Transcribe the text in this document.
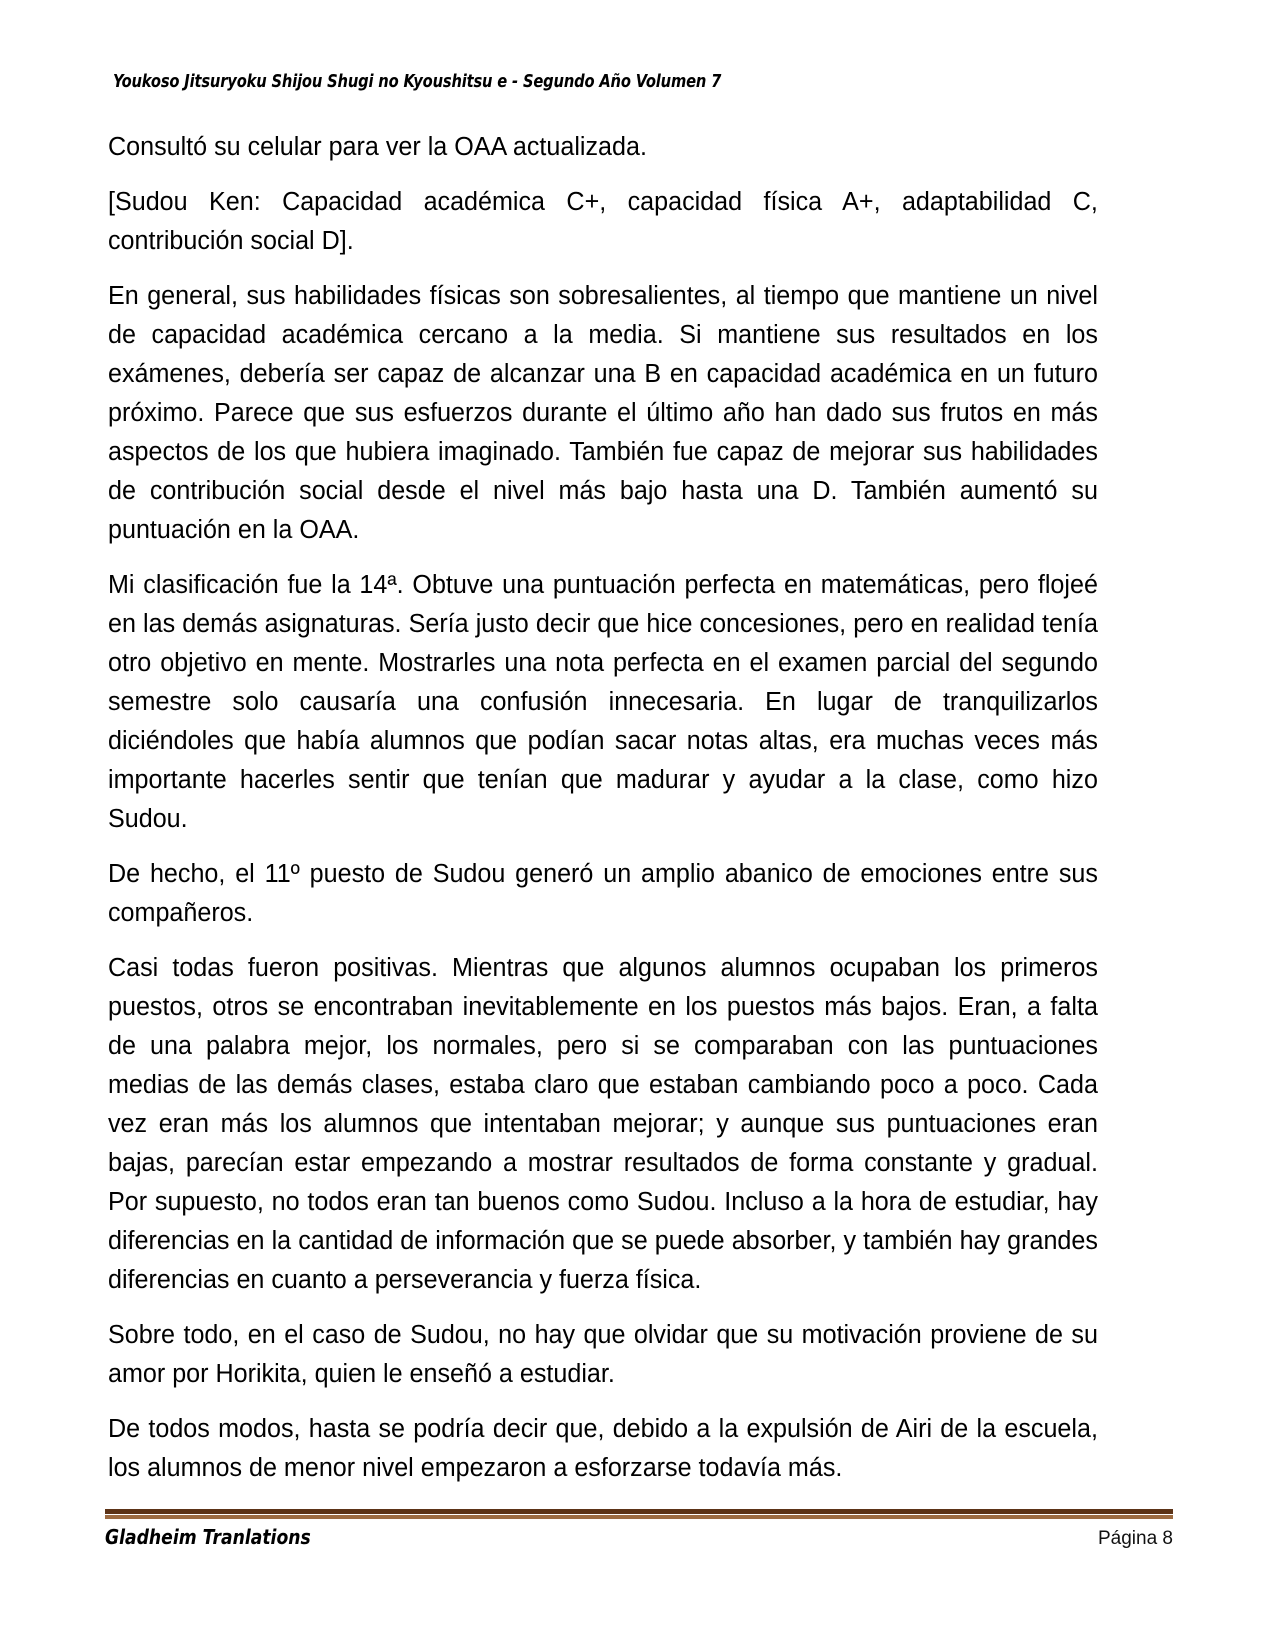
Youkoso Jitsuryoku Shijou Shugi no Kyoushitsu e - Segundo Año Volumen 7

Consultó su celular para ver la OAA actualizada.

[Sudou Ken: Capacidad académica C+, capacidad física A+, adaptabilidad C, contribución social D].

En general, sus habilidades físicas son sobresalientes, al tiempo que mantiene un nivel de capacidad académica cercano a la media. Si mantiene sus resultados en los exámenes, debería ser capaz de alcanzar una B en capacidad académica en un futuro próximo. Parece que sus esfuerzos durante el último año han dado sus frutos en más aspectos de los que hubiera imaginado. También fue capaz de mejorar sus habilidades de contribución social desde el nivel más bajo hasta una D. También aumentó su puntuación en la OAA.

Mi clasificación fue la 14ª. Obtuve una puntuación perfecta en matemáticas, pero flojeé en las demás asignaturas. Sería justo decir que hice concesiones, pero en realidad tenía otro objetivo en mente. Mostrarles una nota perfecta en el examen parcial del segundo semestre solo causaría una confusión innecesaria. En lugar de tranquilizarlos diciéndoles que había alumnos que podían sacar notas altas, era muchas veces más importante hacerles sentir que tenían que madurar y ayudar a la clase, como hizo Sudou.

De hecho, el 11º puesto de Sudou generó un amplio abanico de emociones entre sus compañeros.

Casi todas fueron positivas. Mientras que algunos alumnos ocupaban los primeros puestos, otros se encontraban inevitablemente en los puestos más bajos. Eran, a falta de una palabra mejor, los normales, pero si se comparaban con las puntuaciones medias de las demás clases, estaba claro que estaban cambiando poco a poco. Cada vez eran más los alumnos que intentaban mejorar; y aunque sus puntuaciones eran bajas, parecían estar empezando a mostrar resultados de forma constante y gradual. Por supuesto, no todos eran tan buenos como Sudou. Incluso a la hora de estudiar, hay diferencias en la cantidad de información que se puede absorber, y también hay grandes diferencias en cuanto a perseverancia y fuerza física.

Sobre todo, en el caso de Sudou, no hay que olvidar que su motivación proviene de su amor por Horikita, quien le enseñó a estudiar.

De todos modos, hasta se podría decir que, debido a la expulsión de Airi de la escuela, los alumnos de menor nivel empezaron a esforzarse todavía más.

Gladheim Tranlations	Página 8
